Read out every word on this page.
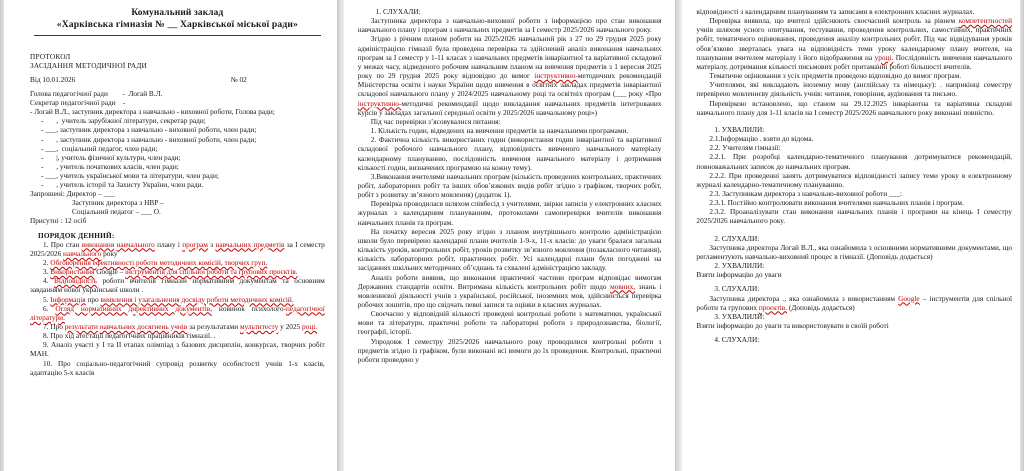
Комунальний заклад
«Харківська гімназія № __ Харківської міської ради»
ПРОТОКОЛ
ЗАСІДАННЯ МЕТОДИЧНОЇ РАДИ
Від 10.01.2026	№ 02
Голова педагогічної ради        -  Логай В.Л.
Секретар педагогічної ради    -
- Логай В.Л., заступник директора з навчально - виховної роботи, Голова ради;
-       ,  учитель зарубіжної літератури, секретар ради;
- ___, заступник директора з навчально - виховної роботи, член ради;
-       , заступник директора з навчально - виховної роботи, член ради;
- ___,  соціальний педагог, член ради;
-       |, учитель фізичної культури, член ради;
-       , учитель початкових класів, член ради;
- ___, учитель української мови та літератури, член ради;
-       , учитель історії та Захисту України, член ради.
Запрошені: Директор – ___
Заступник директора з НВР –
Соціальний педагог – ___ О.
Присутні : 12 осіб
ПОРЯДОК ДЕННИЙ:

1. Про стан виконання навчального плану і програм з навчальних предметів за I семестр 2025/2026 навчального року

2. Обговорення ефективності роботи методичних комісій, творчих груп.

3. Використання Google – інструментів для спільної роботи та групових проєктів.

4. Відповідність роботи вчителів гімназій нормативним документам та основним завданням нової української школи .

5. Інформація про виявлення і узагальнення досвіду роботи методичних комісій.

6. Огляд нормативних директивних документів, новинок психолого-педагогічної літератури.

7. Про результати навчальних досягнень учнів за результатами мультитесту у 2025 році.

8. Про хід атестації педагогічних працівників гімназії. .

9. Аналіз участі у I та II етапах олімпіад з базових дисциплін, конкурсах, творчих робіт МАН.

10. Про соціально-педагогічний супровід розвитку особистості учнів 1-х класів, адаптацію 5-х класів

1. СЛУХАЛИ:

Заступника директора з навчально-виховної роботи з інформацією про стан виконання навчального плану і програм з навчальних предметів за I семестр 2025/2026 навчального року.

Згідно з річним планом роботи на 2025/2026 навчальний рік з 27 по 29 грудня 2025 року адміністрацією гімназії була проведена перевірка та здійснений аналіз виконання навчальних програм за I семестр у 1-11 класах з навчальних предметів інваріантної та варіативної складової у межах часу, відведеного робочим навчальним планом на вивчення предметів з 1 вересня 2025 року по 29 грудня 2025 року відповідно до вимог інструктивно-методичних рекомендацій Міністерства освіти і науки України щодо вивчення в освітніх закладах предметів інваріантної складової навчального плану у 2024/2025 навчальному році та освітніх програм (___ року «Про інструктивно-методичні рекомендації щодо викладання навчальних предметів інтегрованих курсів у закладах загальної середньої освіти у 2025/2026 навчальному році»)

Під час перевірки з’ясовувалися питання:

1. Кількість годин, відведених на вивчення предметів за навчальними програмами.

2. Фактична кількість використаних годин (використання годин інваріантної та варіативної складової робочого навчального плану, відповідність вивченого навчального матеріалу календарному плануванню, послідовність вивчення навчального матеріалу і дотримання кількості годин, визначених програмою на кожну тему).

3.Виконання вчителями навчальних програм (кількість проведених контрольних, практичних робіт, лабораторних робіт та інших обов’язкових видів робіт згідно з графіком, творчих робіт, робіт з розвитку зв’язного мовлення) (додаток 1).

Перевірка проводилася шляхом співбесід з учителями, звірки записів у електронних класних журналах з календарним плануванням, протоколами самоперевірки вчителів виконання навчальних планів та програм.

На початку вересня 2025 року згідно з планом внутрішнього контролю адміністрацією школи було перевірено календарні плани вчителів 1-9-х, 11-х класів: до уваги бралася загальна кількість уроків, контрольних робіт, уроків розвитку зв’язного мовлення (позакласного читання), кількість лабораторних робіт, практичних робіт. Усі календарні плани були погоджені на засіданнях шкільних методичних об’єднань та схвалені адміністрацією закладу.

Аналіз роботи виявив, що виконання практичної частини програм відповідає вимогам Державних стандартів освіти. Витримана кількість контрольних робіт щодо мовних, знань і мовленнєвої діяльності учнів з української, російської, іноземних мов, здійснюється перевірка робочих зошитів, про що свідчать певні записи та оцінки в класних журналах.

Своєчасно у відповідній кількості проведені контрольні роботи з математики, української мови та літератури, практичні роботи та лабораторні роботи з природознавства, біології, географії, історії.

Упродовж I семестру 2025/2026 навчального року проводилися контрольні роботи з предметів згідно із графіком, були виконані всі вимоги до їх проведення. Контрольні, практичні роботи проведено у

відповідності з календарним плануванням та записами в електронних класних журналах.

Перевірка виявила, що вчителі здійснюють своєчасний контроль за рівнем компетентностей учнів шляхом усного опитування, тестування, проведення контрольних, самостійних, практичних робіт, тематичного оцінювання, проведення аналізу контрольних робіт. Під час відвідування уроків обов’язково зверталась увага на відповідність теми уроку календарному плану вчителя, на планування вчителем матеріалу і його відображення на уроці. Послідовність вивчення навчального матеріалу, дотримання кількості письмових робіт притаманні роботі більшості вчителів.

Тематичне оцінювання з усіх предметів проведено відповідно до вимог програм.

Учителями, які викладають іноземну мову (англійську та німецьку): . наприкінці семестру перевірено мовленнєву діяльність учнів: читання, говоріння, аудіювання та письмо.

Перевіркою встановлено, що станом на 29.12.2025 інваріантна та варіативна складові навчального плану для 1-11 класів на I семестр 2025/2026 навчального року виконані повністю.

1. УХВАЛИЛИ:

2.1.Інформацію . взяти до відома.

2.2. Учителям гімназії:

2.2.1. При розробці календарно-тематичного планування дотримуватися рекомендацій, повноважальних записок до навчальних програм.

2.2.2. При проведенні занять дотримуватися відповідності запису теми уроку в електронному журналі календарно-тематичному плануванню.

2.3. Заступникам директора з навчально-виховної роботи ___:

2.3.1. Постійно контролювати виконання вчителями навчальних планів і програм.

2.3.2. Проаналізувати стан виконання навчальних планів і програми на кінець I семестру 2025/2026 навчального року.

2. СЛУХАЛИ:

Заступника директора Логай В.Л., яка ознайомила з основними нормативними документами, що регламентують навчально-виховний процес в гімназії. (Доповідь додається)

2. УХВАЛИЛИ:

Взяти інформацію до уваги

3. СЛУХАЛИ:

Заступника директора ., яка ознайомила з використанням Google – інструментів для спільної роботи та групових проєктів. (Доповідь додається)

3. УХВАЛИЛИ:

Взяти інформацію до уваги та використовувати в своїй роботі

4. СЛУХАЛИ:
